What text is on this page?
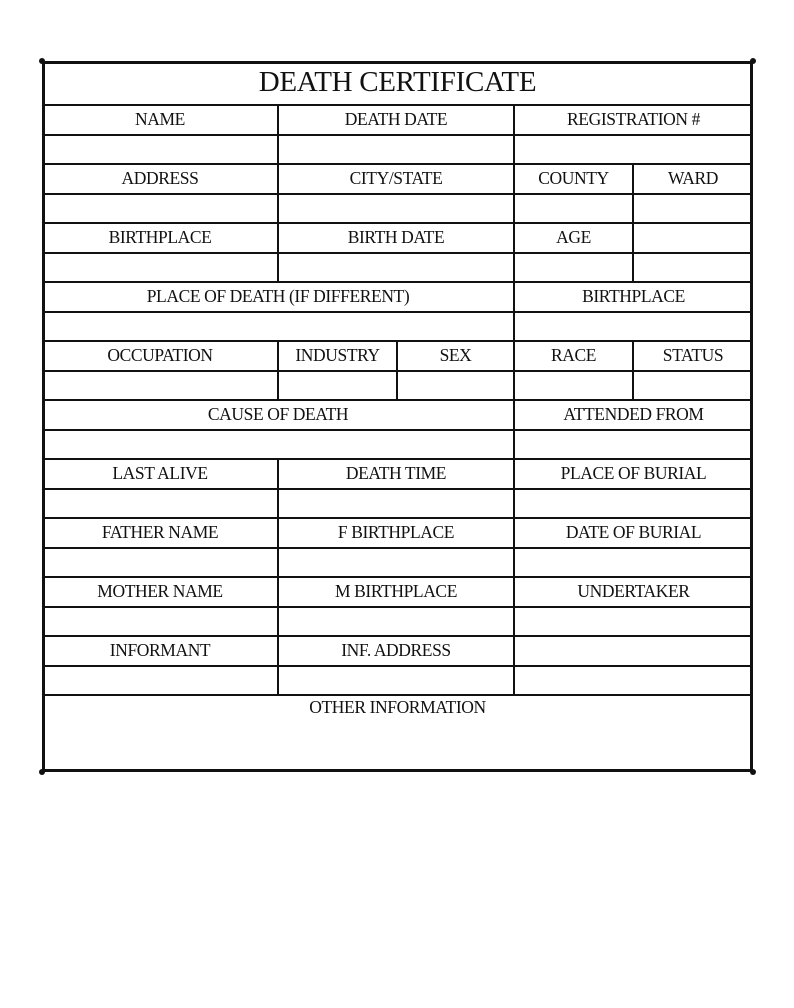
DEATH CERTIFICATE
NAME	DEATH DATE	REGISTRATION #
ADDRESS	CITY/STATE	COUNTY	WARD
BIRTHPLACE	BIRTH DATE	AGE
PLACE OF DEATH (IF DIFFERENT)	BIRTHPLACE
OCCUPATION	INDUSTRY	SEX	RACE	STATUS
CAUSE OF DEATH	ATTENDED FROM
LAST ALIVE	DEATH TIME	PLACE OF BURIAL
FATHER NAME	F BIRTHPLACE	DATE OF BURIAL
MOTHER NAME	M BIRTHPLACE	UNDERTAKER
INFORMANT	INF. ADDRESS
OTHER INFORMATION
